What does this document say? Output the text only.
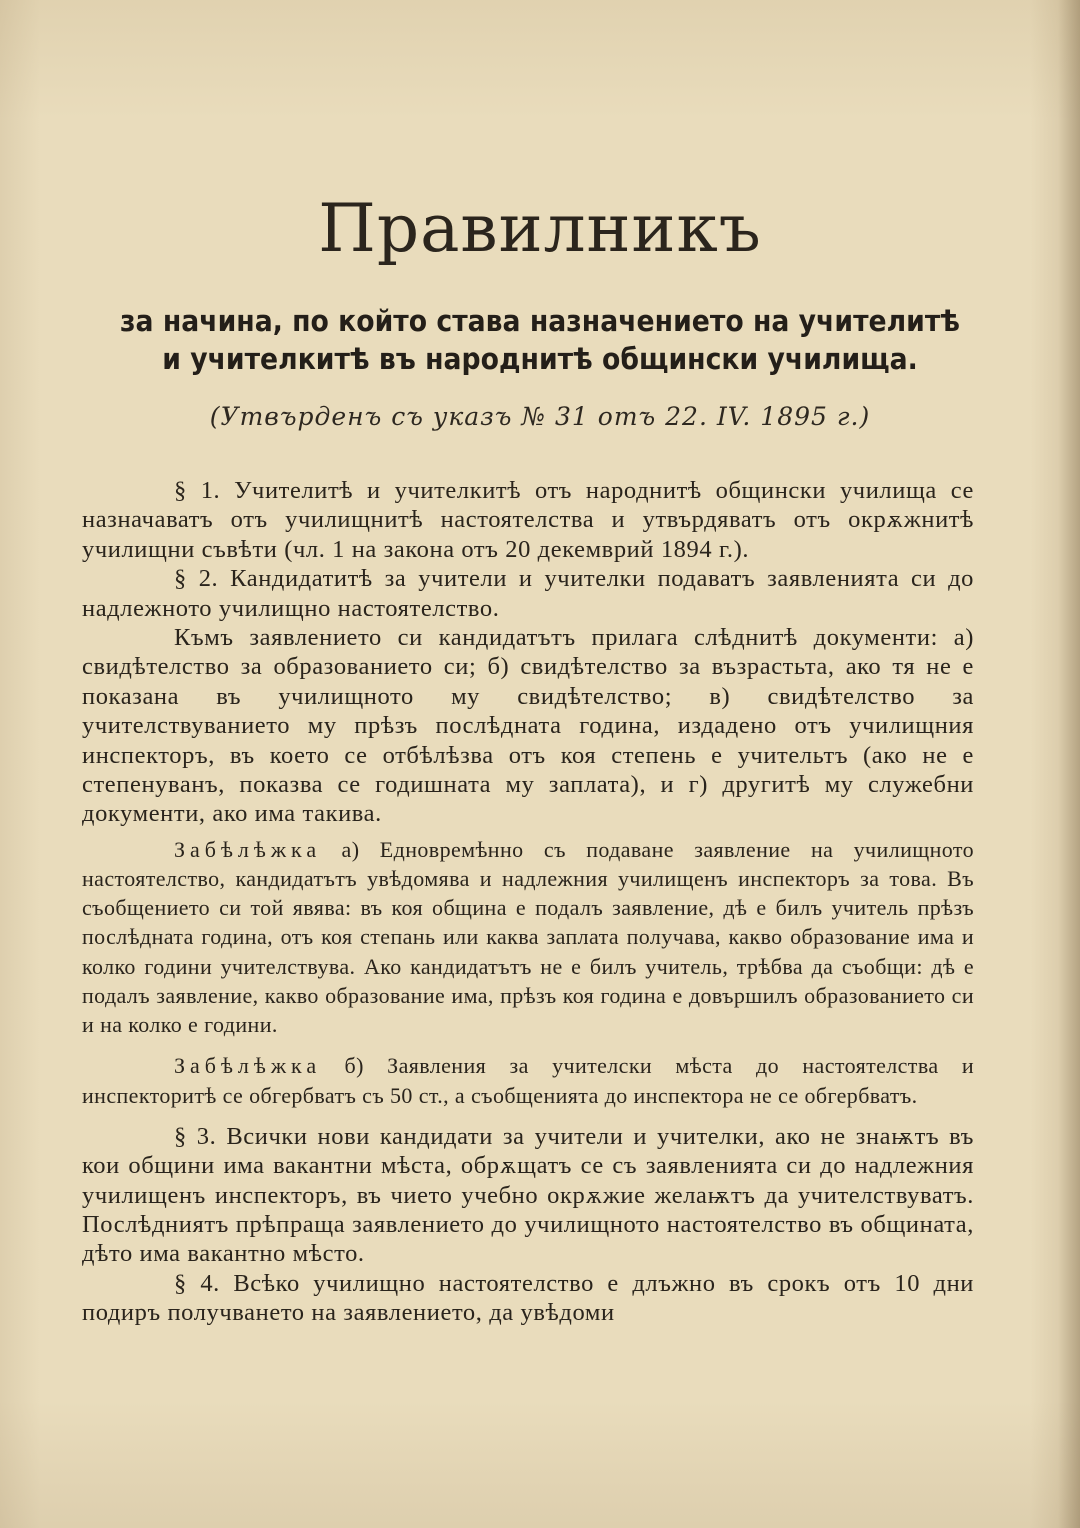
Правилникъ
за начина, по който става назначението на учителитѣ
и учителкитѣ въ народнитѣ общински училища.
(Утвърденъ съ указъ № 31 отъ 22. IV. 1895 г.)

§ 1. Учителитѣ и учителкитѣ отъ народнитѣ общински училища се назначаватъ отъ училищнитѣ настоятелства и утвърдяватъ отъ окрѫжнитѣ училищни съвѣти (чл. 1 на закона отъ 20 декемврий 1894 г.).

§ 2. Кандидатитѣ за учители и учителки подаватъ заявленията си до надлежното училищно настоятелство.

Къмъ заявлението си кандидатътъ прилага слѣднитѣ документи: а) свидѣтелство за образованието си; б) свидѣтелство за възрастьта, ако тя не е показана въ училищното му свидѣтелство; в) свидѣтелство за учителствуванието му прѣзъ послѣдната година, издадено отъ училищния инспекторъ, въ което се отбѣлѣзва отъ коя степень е учительтъ (ако не е степенуванъ, показва се годишната му заплата), и г) другитѣ му служебни документи, ако има такива.

Забѣлѣжка а) Едновремѣнно съ подаване заявление на училищното настоятелство, кандидатътъ увѣдомява и надлежния училищенъ инспекторъ за това. Въ съобщението си той явява: въ коя община е подалъ заявление, дѣ е билъ учитель прѣзъ послѣдната година, отъ коя степань или каква заплата получава, какво образование има и колко години учителствува. Ако кандидатътъ не е билъ учитель, трѣбва да съобщи: дѣ е подалъ заявление, какво образование има, прѣзъ коя година е довършилъ образованието си и на колко е години.

Забѣлѣжка б) Заявления за учителски мѣста до настоятелства и инспекторитѣ се обгербватъ съ 50 ст., а съобщенията до инспектора не се обгербватъ.

§ 3. Всички нови кандидати за учители и учителки, ако не знаѭтъ въ кои общини има вакантни мѣста, обрѫщатъ се съ заявленията си до надлежния училищенъ инспекторъ, въ чието учебно окрѫжие желаѭтъ да учителствуватъ. Послѣдниятъ прѣпраща заявлението до училищното настоятелство въ общината, дѣто има вакантно мѣсто.

§ 4. Всѣко училищно настоятелство е длъжно въ срокъ отъ 10 дни подиръ получването на заявлението, да увѣдоми
